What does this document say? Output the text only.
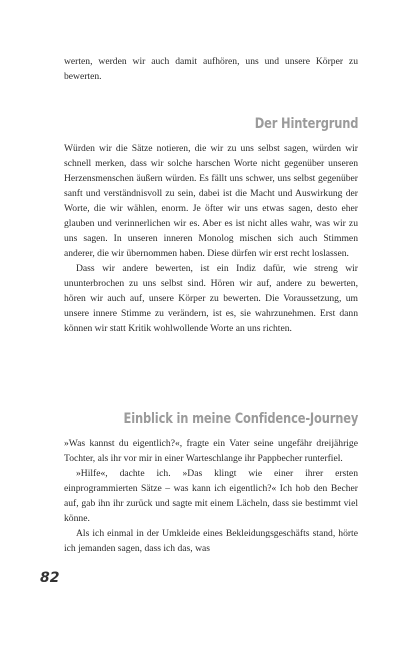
werten, werden wir auch damit aufhören, uns und unsere Körper zu bewerten.

Der Hintergrund

Würden wir die Sätze notieren, die wir zu uns selbst sagen, würden wir schnell merken, dass wir solche harschen Worte nicht gegenüber unseren Herzensmenschen äußern würden. Es fällt uns schwer, uns selbst gegenüber sanft und verständnisvoll zu sein, dabei ist die Macht und Auswirkung der Worte, die wir wählen, enorm. Je öfter wir uns etwas sagen, desto eher glauben und verinnerlichen wir es. Aber es ist nicht alles wahr, was wir zu uns sagen. In unseren inneren Monolog mischen sich auch Stimmen anderer, die wir übernommen haben. Diese dürfen wir erst recht loslassen.

Dass wir andere bewerten, ist ein Indiz dafür, wie streng wir ununterbrochen zu uns selbst sind. Hören wir auf, andere zu bewerten, hören wir auch auf, unsere Körper zu bewerten. Die Voraussetzung, um unsere innere Stimme zu verändern, ist es, sie wahrzunehmen. Erst dann können wir statt Kritik wohlwollende Worte an uns richten.

Einblick in meine Confidence-Journey

»Was kannst du eigentlich?«, fragte ein Vater seine ungefähr dreijährige Tochter, als ihr vor mir in einer Warteschlange ihr Pappbecher runterfiel.

»Hilfe«, dachte ich. »Das klingt wie einer ihrer ersten einprogrammierten Sätze – was kann ich eigentlich?« Ich hob den Becher auf, gab ihn ihr zurück und sagte mit einem Lächeln, dass sie bestimmt viel könne.

Als ich einmal in der Umkleide eines Bekleidungsgeschäfts stand, hörte ich jemanden sagen, dass ich das, was

82
